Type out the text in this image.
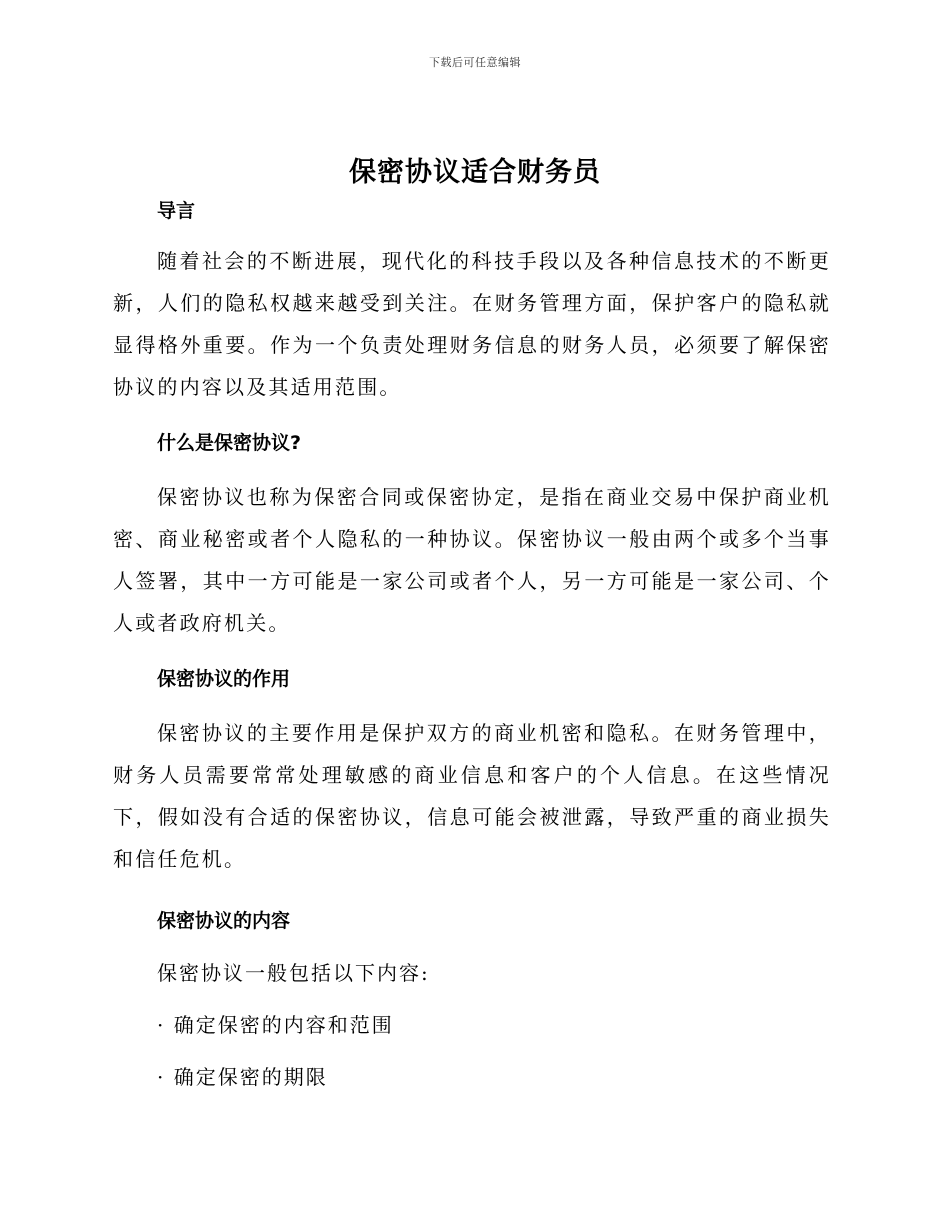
下载后可任意编辑
保密协议适合财务员

导言

随着社会的不断进展，现代化的科技手段以及各种信息技术的不断更新，人们的隐私权越来越受到关注。在财务管理方面，保护客户的隐私就显得格外重要。作为一个负责处理财务信息的财务人员，必须要了解保密协议的内容以及其适用范围。

什么是保密协议?

保密协议也称为保密合同或保密协定，是指在商业交易中保护商业机密、商业秘密或者个人隐私的一种协议。保密协议一般由两个或多个当事人签署，其中一方可能是一家公司或者个人，另一方可能是一家公司、个人或者政府机关。

保密协议的作用

保密协议的主要作用是保护双方的商业机密和隐私。在财务管理中，财务人员需要常常处理敏感的商业信息和客户的个人信息。在这些情况下，假如没有合适的保密协议，信息可能会被泄露，导致严重的商业损失和信任危机。

保密协议的内容

保密协议一般包括以下内容:

· 确定保密的内容和范围

· 确定保密的期限
